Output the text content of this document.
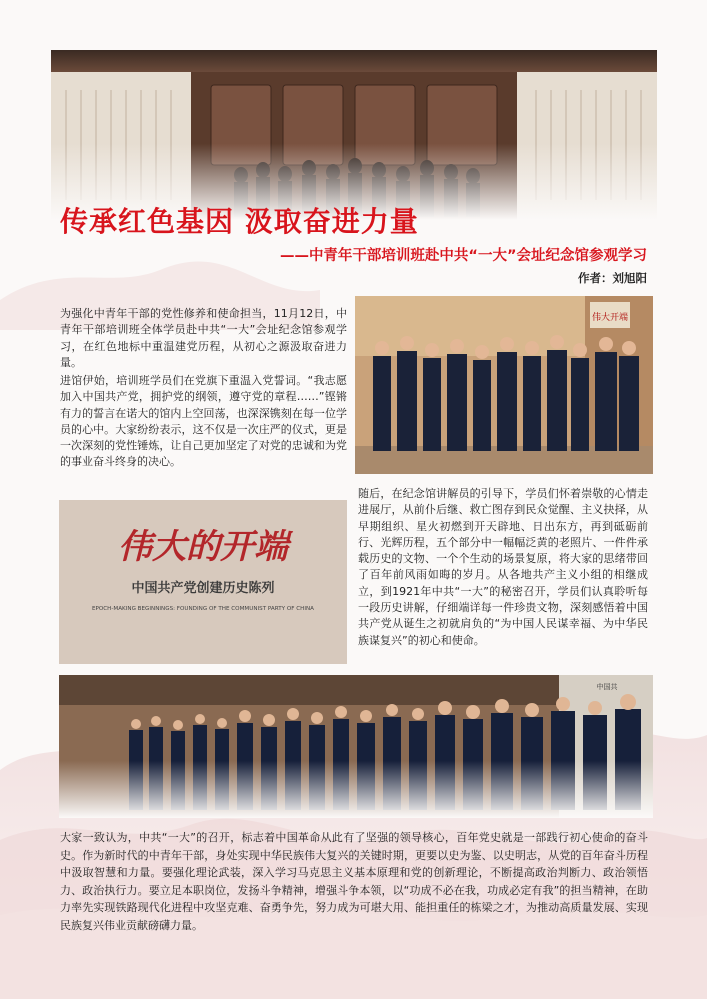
传承红色基因 汲取奋进力量
——中青年干部培训班赴中共“一大”会址纪念馆参观学习

作者：刘旭阳

为强化中青年干部的党性修养和使命担当，11月12日，中青年干部培训班全体学员赴中共“一大”会址纪念馆参观学习，在红色地标中重温建党历程，从初心之源汲取奋进力量。

进馆伊始，培训班学员们在党旗下重温入党誓词。“我志愿加入中国共产党，拥护党的纲领，遵守党的章程……”铿锵有力的誓言在诺大的馆内上空回荡，也深深镌刻在每一位学员的心中。大家纷纷表示，这不仅是一次庄严的仪式，更是一次深刻的党性锤炼，让自己更加坚定了对党的忠诚和为党的事业奋斗终身的决心。

伟大开端
伟大的开端
中国共产党创建历史陈列
EPOCH-MAKING BEGINNINGS: FOUNDING OF THE COMMUNIST PARTY OF CHINA

随后，在纪念馆讲解员的引导下，学员们怀着崇敬的心情走进展厅，从前仆后继、救亡图存到民众觉醒、主义抉择，从早期组织、星火初燃到开天辟地、日出东方，再到砥砺前行、光辉历程，五个部分中一幅幅泛黄的老照片、一件件承载历史的文物、一个个生动的场景复原，将大家的思绪带回了百年前风雨如晦的岁月。从各地共产主义小组的相继成立，到1921年中共“一大”的秘密召开，学员们认真聆听每一段历史讲解，仔细端详每一件珍贵文物，深刻感悟着中国共产党从诞生之初就肩负的“为中国人民谋幸福、为中华民族谋复兴”的初心和使命。

大家一致认为，中共“一大”的召开，标志着中国革命从此有了坚强的领导核心，百年党史就是一部践行初心使命的奋斗史。作为新时代的中青年干部，身处实现中华民族伟大复兴的关键时期，更要以史为鉴、以史明志，从党的百年奋斗历程中汲取智慧和力量。要强化理论武装，深入学习马克思主义基本原理和党的创新理论，不断提高政治判断力、政治领悟力、政治执行力。要立足本职岗位，发扬斗争精神，增强斗争本领，以“功成不必在我，功成必定有我”的担当精神，在助力率先实现铁路现代化进程中攻坚克难、奋勇争先，努力成为可堪大用、能担重任的栋梁之才，为推动高质量发展、实现民族复兴伟业贡献磅礴力量。
